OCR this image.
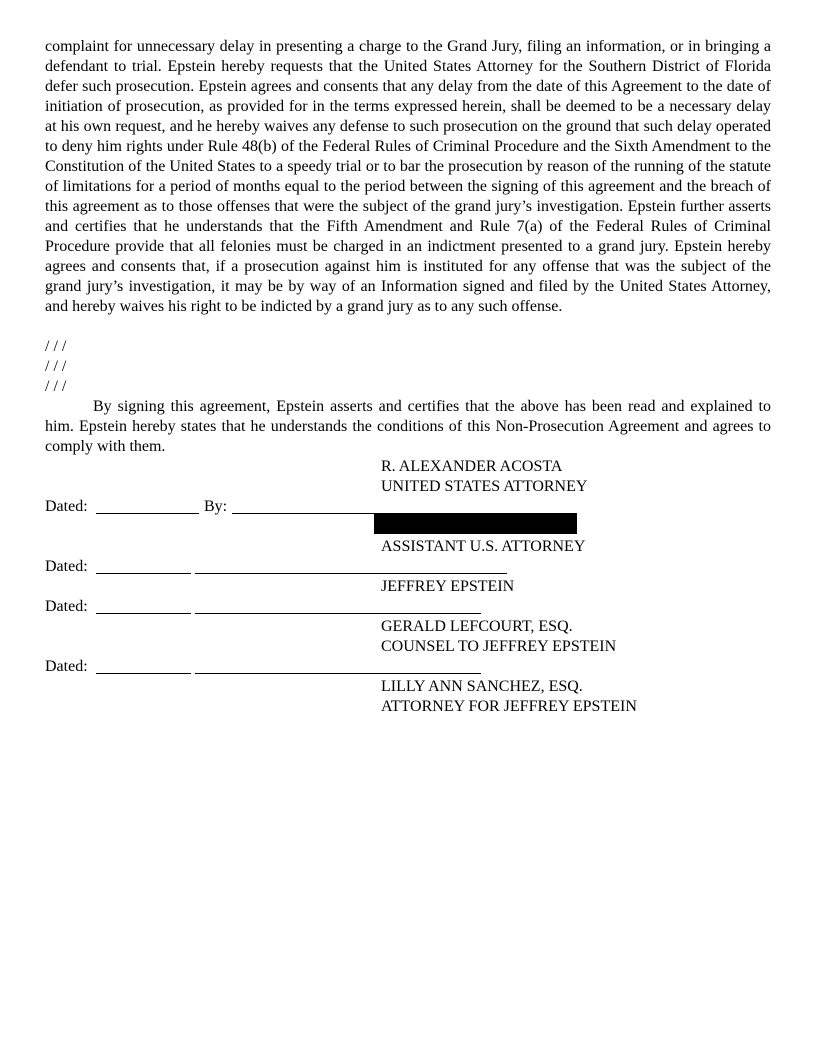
complaint for unnecessary delay in presenting a charge to the Grand Jury, filing an information, or in bringing a defendant to trial. Epstein hereby requests that the United States Attorney for the Southern District of Florida defer such prosecution. Epstein agrees and consents that any delay from the date of this Agreement to the date of initiation of prosecution, as provided for in the terms expressed herein, shall be deemed to be a necessary delay at his own request, and he hereby waives any defense to such prosecution on the ground that such delay operated to deny him rights under Rule 48(b) of the Federal Rules of Criminal Procedure and the Sixth Amendment to the Constitution of the United States to a speedy trial or to bar the prosecution by reason of the running of the statute of limitations for a period of months equal to the period between the signing of this agreement and the breach of this agreement as to those offenses that were the subject of the grand jury’s investigation. Epstein further asserts and certifies that he understands that the Fifth Amendment and Rule 7(a) of the Federal Rules of Criminal Procedure provide that all felonies must be charged in an indictment presented to a grand jury. Epstein hereby agrees and consents that, if a prosecution against him is instituted for any offense that was the subject of the grand jury’s investigation, it may be by way of an Information signed and filed by the United States Attorney, and hereby waives his right to be indicted by a grand jury as to any such offense.

/ / /
/ / /
/ / /

By signing this agreement, Epstein asserts and certifies that the above has been read and explained to him. Epstein hereby states that he understands the conditions of this Non-Prosecution Agreement and agrees to comply with them.

R. ALEXANDER ACOSTA
UNITED STATES ATTORNEY
Dated:	By:
ASSISTANT U.S. ATTORNEY
Dated:
JEFFREY EPSTEIN
Dated:
GERALD LEFCOURT, ESQ.
COUNSEL TO JEFFREY EPSTEIN
Dated:
LILLY ANN SANCHEZ, ESQ.
ATTORNEY FOR JEFFREY EPSTEIN
